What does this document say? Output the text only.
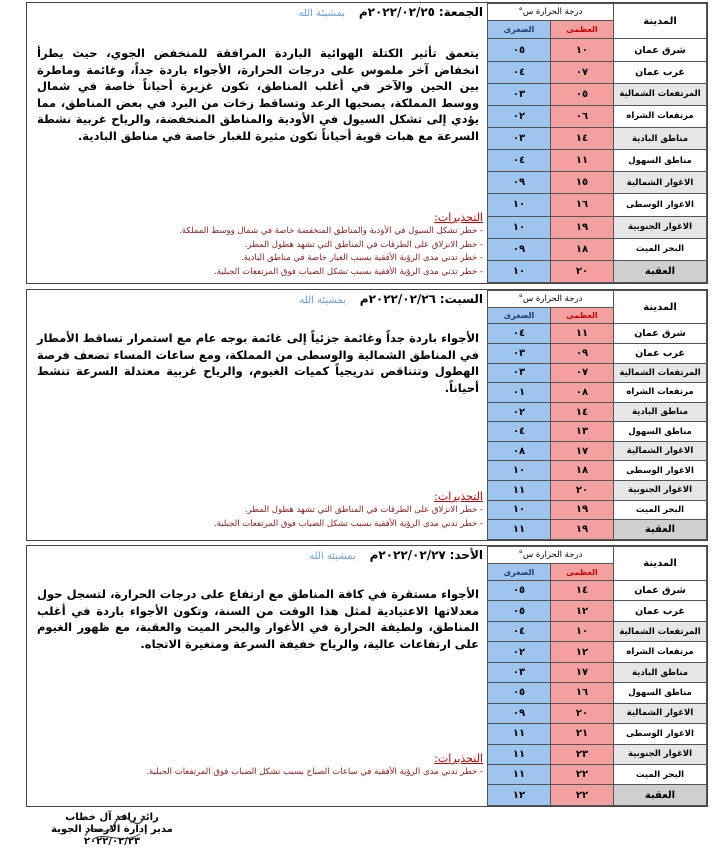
الجمعة: ٢٠٢٢/٠٢/٢٥م بمشيئة الله
يتعمق تأثير الكتلة الهوائية الباردة المرافقة للمنخفض الجوي، حيث يطرأ انخفاض آخر ملموس على درجات الحرارة، الأجواء باردة جداً، وغائمة وماطرة بين الحين والآخر في أغلب المناطق، تكون غزيرة أحياناً خاصة في شمال ووسط المملكة، يصحبها الرعد وتساقط زخات من البرد في بعض المناطق، مما يؤدي إلى تشكل السيول في الأودية والمناطق المنخفضة، والرياح غربية نشطة السرعة مع هبات قوية أحياناً تكون مثيرة للغبار خاصة في مناطق البادية.
التحذيرات:
- خطر تشكل السيول في الأودية والمناطق المنخفضة خاصة في شمال ووسط المملكة.
- خطر الانزلاق على الطرقات في المناطق التي تشهد هطول المطر.
- خطر تدني مدى الرؤية الأفقية بسبب الغبار خاصة في مناطق البادية.
- خطر تدني مدى الرؤية الأفقية بسبب تشكل الضباب فوق المرتفعات الجبلية.
المدينة	درجة الحرارة س°	
	العظمى	الصغرى
شرق عمان	١٠	٠٥
غرب عمان	٠٧	٠٤
المرتفعات الشمالية	٠٥	٠٣
مرتفعات الشراه	٠٦	٠٢
مناطق البادية	١٤	٠٣
مناطق السهول	١١	٠٤
الاغوار الشمالية	١٥	٠٩
الاغوار الوسطى	١٦	١٠
الاغوار الجنوبية	١٩	١٠
البحر الميت	١٨	٠٩
العقبة	٢٠	١٠
السبت: ٢٠٢٢/٠٢/٢٦م بمشيئة الله
الأجواء باردة جداً وغائمة جزئياً إلى غائمة بوجه عام مع استمرار تساقط الأمطار في المناطق الشمالية والوسطى من المملكة، ومع ساعات المساء تضعف فرصة الهطول وتتناقص تدريجياً كميات الغيوم، والرياح غربية معتدلة السرعة تنشط أحياناً.
التحذيرات:
- خطر الانزلاق على الطرقات في المناطق التي تشهد هطول المطر.
- خطر تدني مدى الرؤية الأفقية بسبب تشكل الضباب فوق المرتفعات الجبلية.
المدينة	درجة الحرارة س°	
	العظمى	الصغرى
شرق عمان	١١	٠٤
غرب عمان	٠٩	٠٣
المرتفعات الشمالية	٠٧	٠٣
مرتفعات الشراه	٠٨	٠١
مناطق البادية	١٤	٠٢
مناطق السهول	١٣	٠٤
الاغوار الشمالية	١٧	٠٨
الاغوار الوسطى	١٨	١٠
الاغوار الجنوبية	٢٠	١١
البحر الميت	١٩	١٠
العقبة	١٩	١١
الأحد: ٢٠٢٢/٠٢/٢٧م بمشيئة الله
الأجواء مستقرة في كافة المناطق مع ارتفاع على درجات الحرارة، لتسجل حول معدلاتها الاعتيادية لمثل هذا الوقت من السنة، وتكون الأجواء باردة في أغلب المناطق، ولطيفة الحرارة في الأغوار والبحر الميت والعقبة، مع ظهور الغيوم على ارتفاعات عالية، والرياح خفيفة السرعة ومتغيرة الاتجاه.
التحذيرات:
- خطر تدني مدى الرؤية الأفقية في ساعات الصباح بسبب تشكل الضباب فوق المرتفعات الجبلية.
المدينة	درجة الحرارة س°	
	العظمى	الصغرى
شرق عمان	١٤	٠٥
غرب عمان	١٢	٠٥
المرتفعات الشمالية	١٠	٠٤
مرتفعات الشراه	١٢	٠٢
مناطق البادية	١٧	٠٣
مناطق السهول	١٦	٠٥
الاغوار الشمالية	٢٠	٠٩
الاغوار الوسطى	٢١	١١
الاغوار الجنوبية	٢٣	١١
البحر الميت	٢٢	١١
العقبة	٢٢	١٢
رائد رافد آل خطاب
مدير إدارة الارصاد الجوية
٢٠٢٢/٠٢/٢٣
